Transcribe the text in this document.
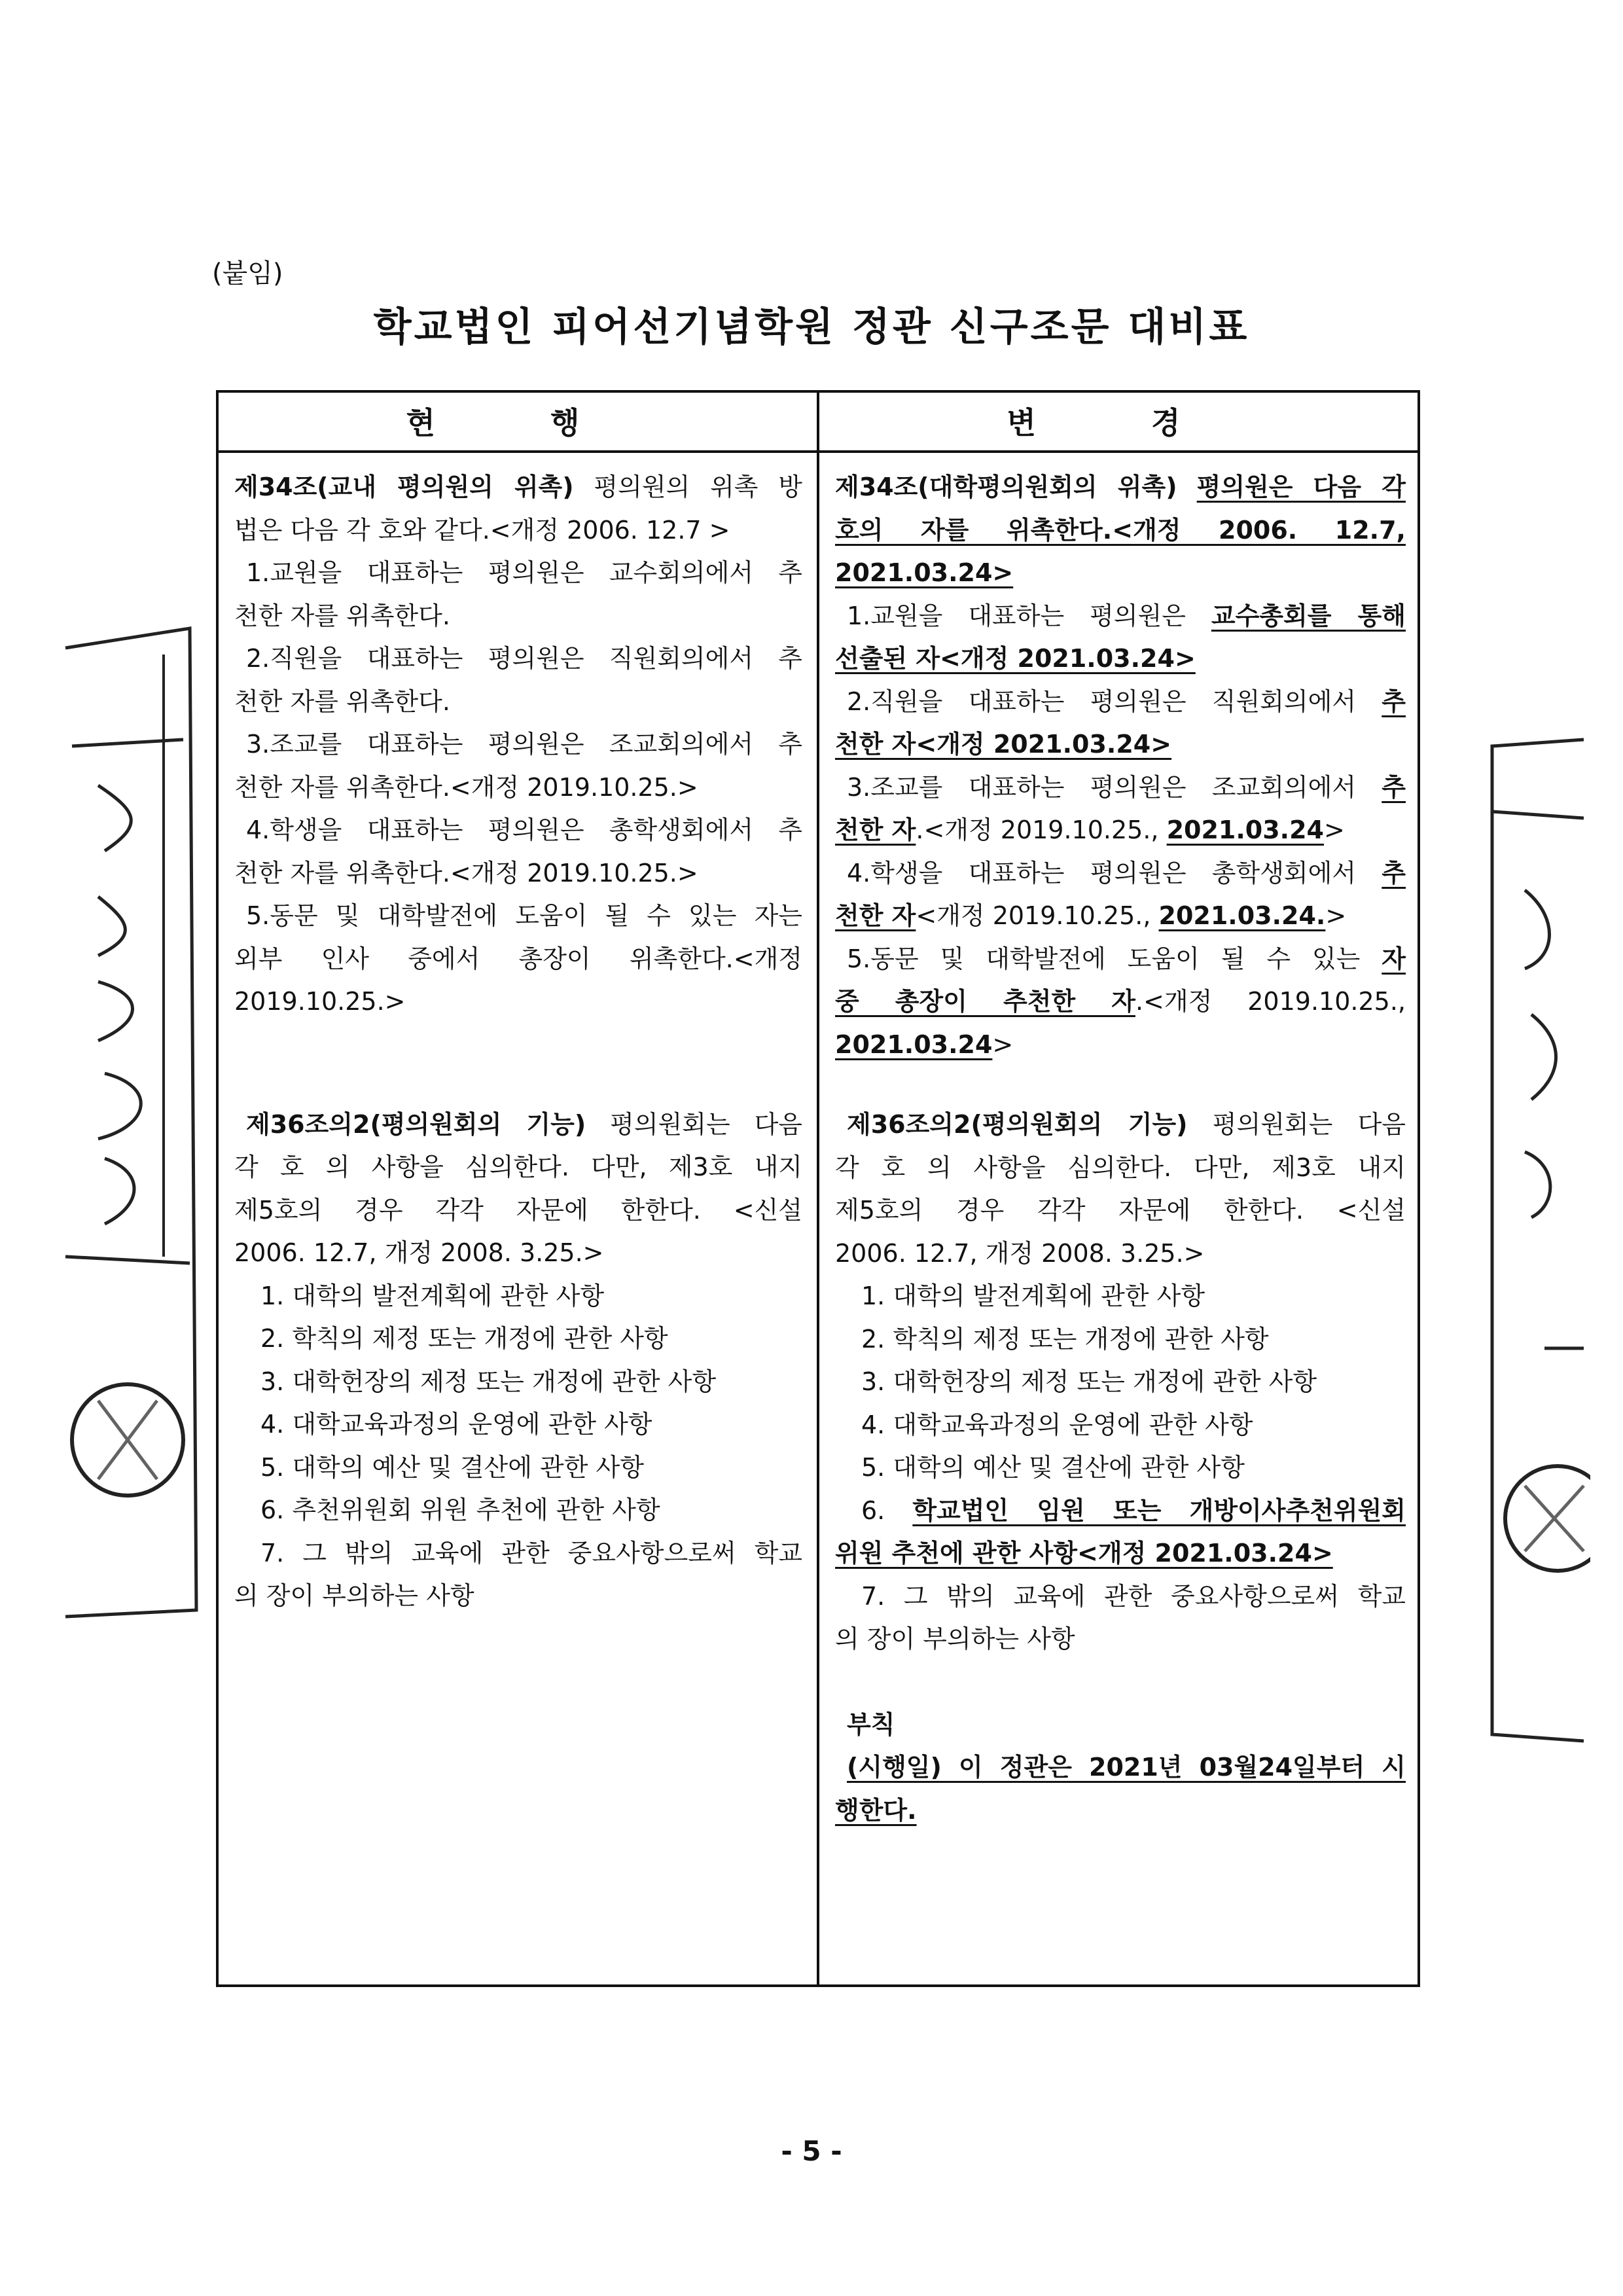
(붙임)
학교법인 피어선기념학원 정관 신구조문 대비표
현 행	변 경
제34조(교내 평의원의 위촉) 평의원의 위촉 방
법은 다음 각 호와 같다.<개정 2006. 12.7 >
1.교원을 대표하는 평의원은 교수회의에서 추
천한 자를 위촉한다.
2.직원을 대표하는 평의원은 직원회의에서 추
천한 자를 위촉한다.
3.조교를 대표하는 평의원은 조교회의에서 추
천한 자를 위촉한다.<개정 2019.10.25.>
4.학생을 대표하는 평의원은 총학생회에서 추
천한 자를 위촉한다.<개정 2019.10.25.>
5.동문 및 대학발전에 도움이 될 수 있는 자는
외부 인사 중에서 총장이 위촉한다.<개정
2019.10.25.>
제36조의2(평의원회의 기능) 평의원회는 다음
각 호 의 사항을 심의한다. 다만, 제3호 내지
제5호의 경우 각각 자문에 한한다. <신설
2006. 12.7, 개정 2008. 3.25.>
1. 대학의 발전계획에 관한 사항
2. 학칙의 제정 또는 개정에 관한 사항
3. 대학헌장의 제정 또는 개정에 관한 사항
4. 대학교육과정의 운영에 관한 사항
5. 대학의 예산 및 결산에 관한 사항
6. 추천위원회 위원 추천에 관한 사항
7. 그 밖의 교육에 관한 중요사항으로써 학교
의 장이 부의하는 사항
제34조(대학평의원회의 위촉) 평의원은 다음 각
호의 자를 위촉한다.<개정 2006. 12.7,
2021.03.24>
1.교원을 대표하는 평의원은 교수총회를 통해
선출된 자<개정 2021.03.24>
2.직원을 대표하는 평의원은 직원회의에서 추
천한 자<개정 2021.03.24>
3.조교를 대표하는 평의원은 조교회의에서 추
천한 자.<개정 2019.10.25., 2021.03.24>
4.학생을 대표하는 평의원은 총학생회에서 추
천한 자<개정 2019.10.25., 2021.03.24.>
5.동문 및 대학발전에 도움이 될 수 있는 자
중 총장이 추천한 자.<개정 2019.10.25.,
2021.03.24>
제36조의2(평의원회의 기능) 평의원회는 다음
각 호 의 사항을 심의한다. 다만, 제3호 내지
제5호의 경우 각각 자문에 한한다. <신설
2006. 12.7, 개정 2008. 3.25.>
1. 대학의 발전계획에 관한 사항
2. 학칙의 제정 또는 개정에 관한 사항
3. 대학헌장의 제정 또는 개정에 관한 사항
4. 대학교육과정의 운영에 관한 사항
5. 대학의 예산 및 결산에 관한 사항
6. 학교법인 임원 또는 개방이사추천위원회
위원 추천에 관한 사항<개정 2021.03.24>
7. 그 밖의 교육에 관한 중요사항으로써 학교
의 장이 부의하는 사항
부칙
(시행일) 이 정관은 2021년 03월24일부터 시
행한다.
- 5 -
